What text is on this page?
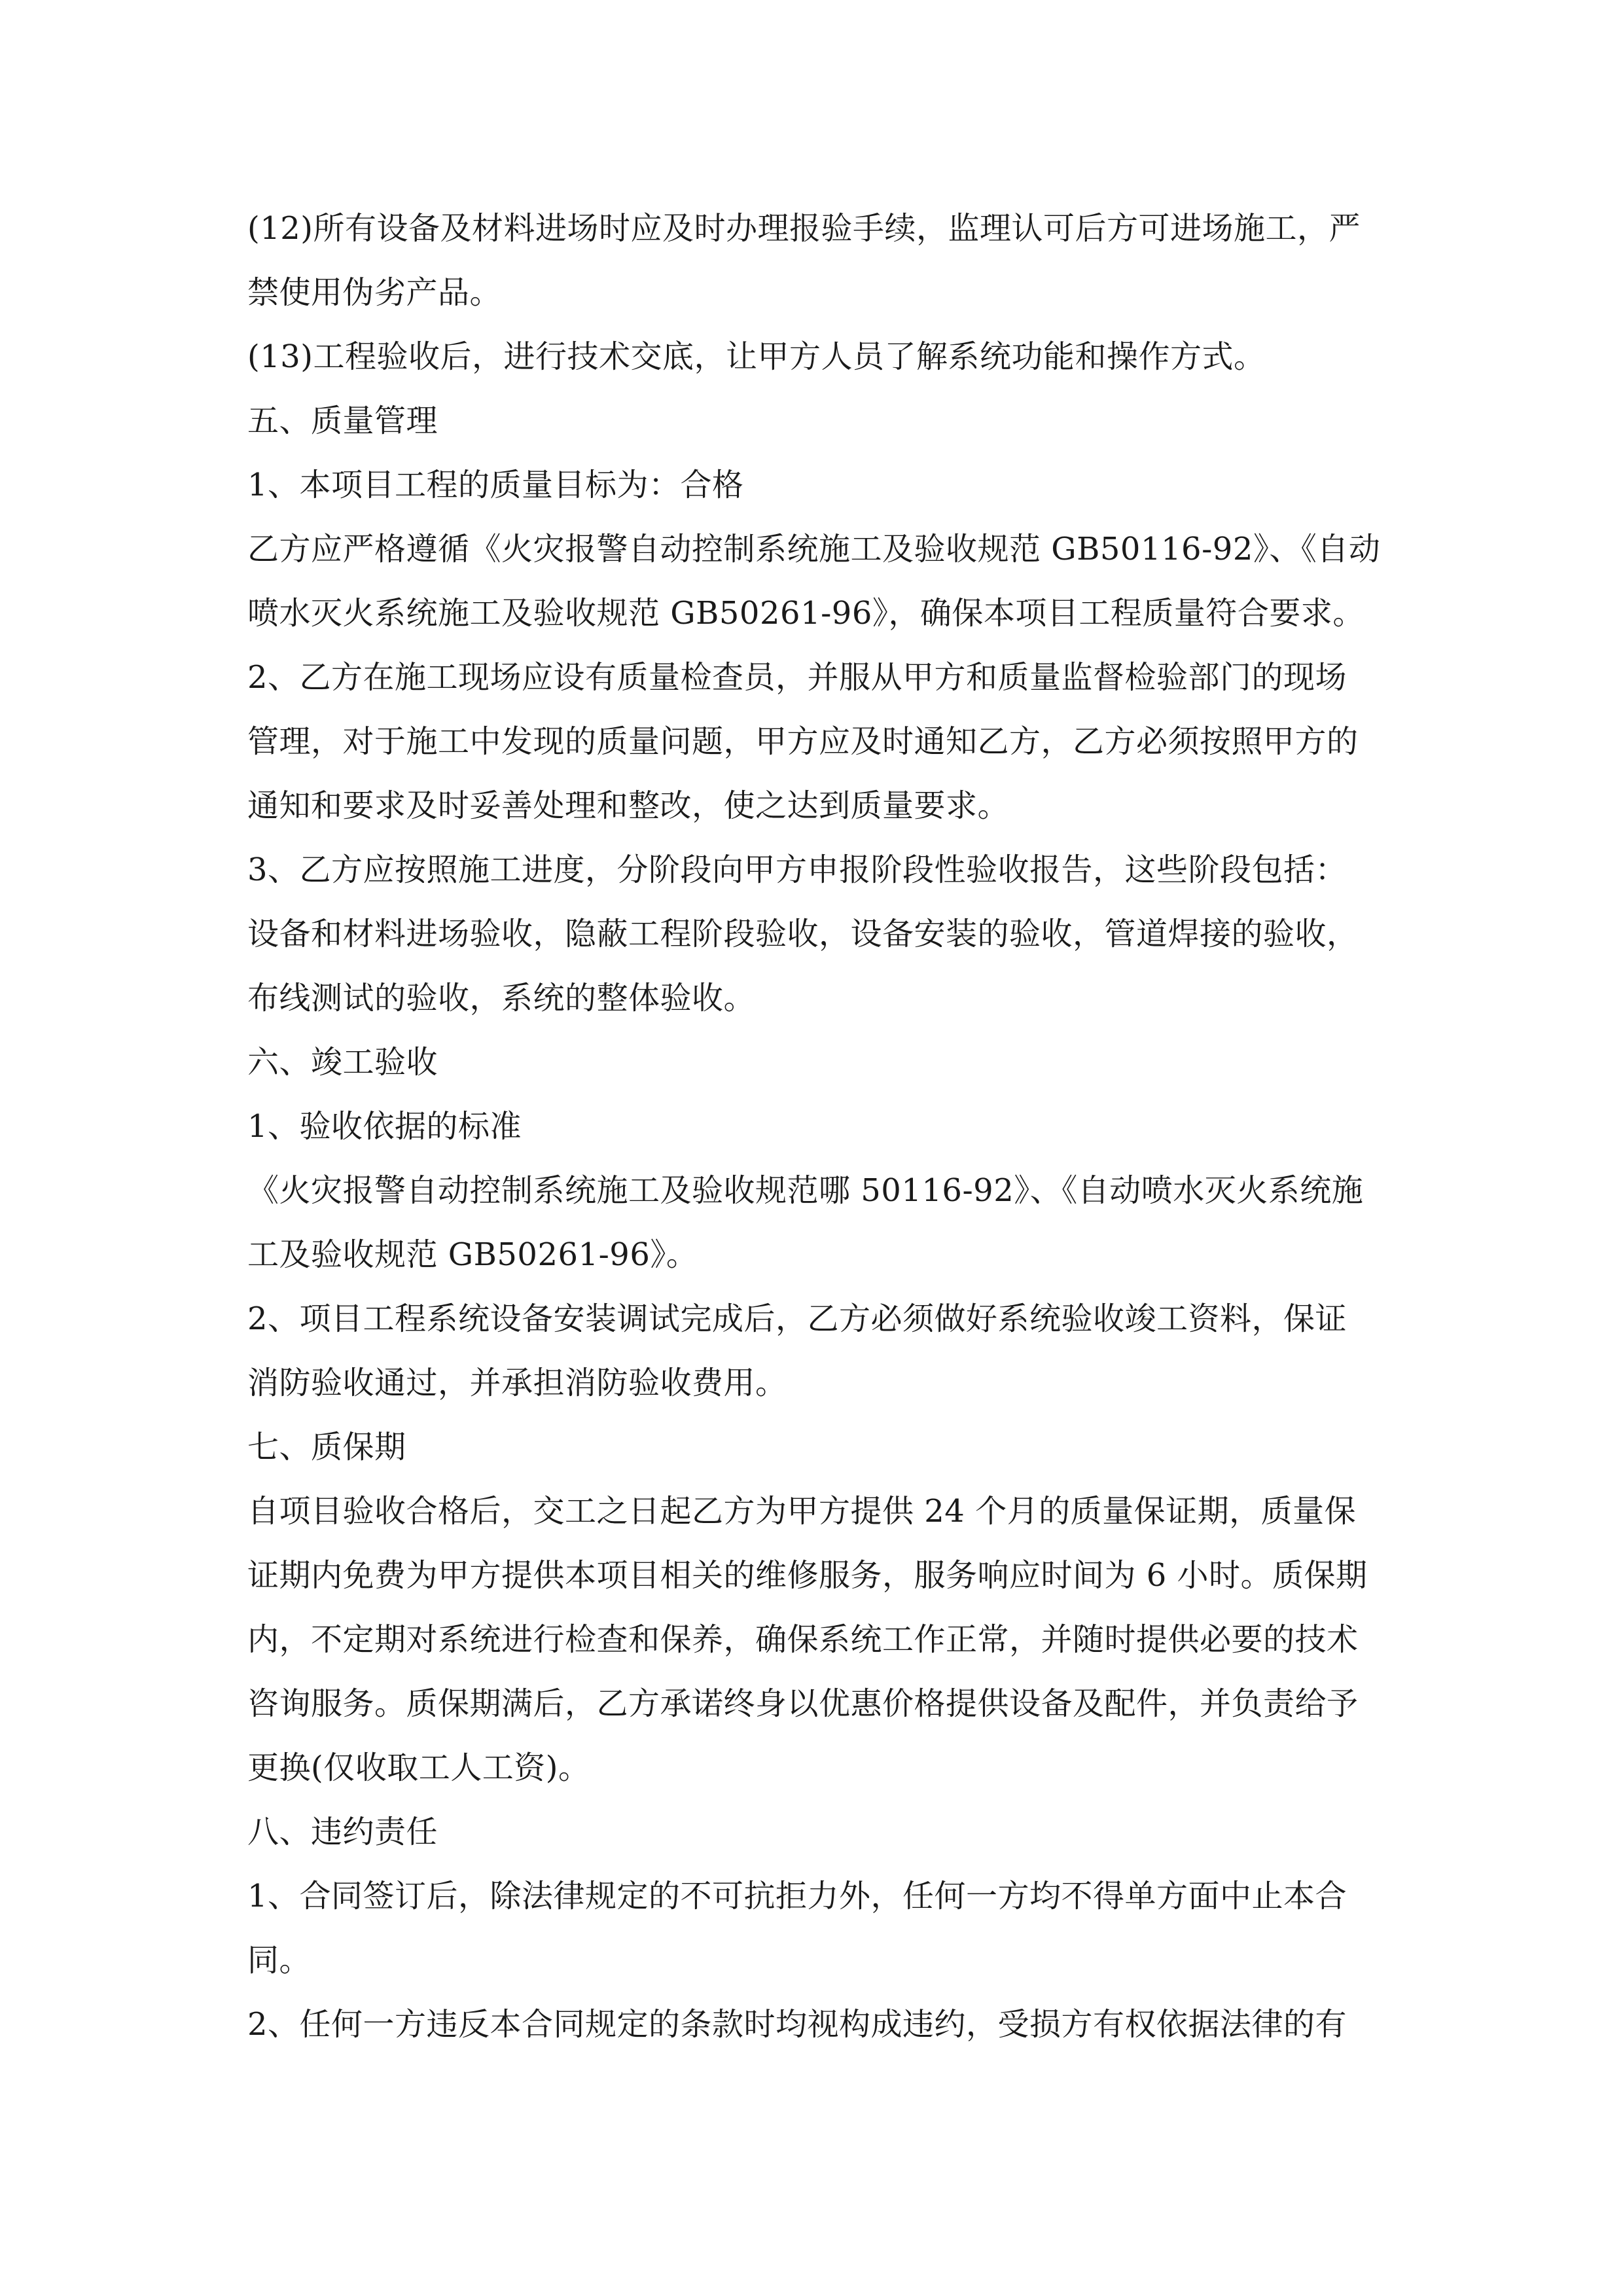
(12)所有设备及材料进场时应及时办理报验手续，监理认可后方可进场施工，严
禁使用伪劣产品。
(13)工程验收后，进行技术交底，让甲方人员了解系统功能和操作方式。
五、质量管理
1、本项目工程的质量目标为：合格
乙方应严格遵循《火灾报警自动控制系统施工及验收规范 GB50116-92》、《自动
喷水灭火系统施工及验收规范 GB50261-96》，确保本项目工程质量符合要求。
2、乙方在施工现场应设有质量检查员，并服从甲方和质量监督检验部门的现场
管理，对于施工中发现的质量问题，甲方应及时通知乙方，乙方必须按照甲方的
通知和要求及时妥善处理和整改，使之达到质量要求。
3、乙方应按照施工进度，分阶段向甲方申报阶段性验收报告，这些阶段包括：
设备和材料进场验收，隐蔽工程阶段验收，设备安装的验收，管道焊接的验收，
布线测试的验收，系统的整体验收。
六、竣工验收
1、验收依据的标准
《火灾报警自动控制系统施工及验收规范哪 50116-92》、《自动喷水灭火系统施
工及验收规范 GB50261-96》。
2、项目工程系统设备安装调试完成后，乙方必须做好系统验收竣工资料，保证
消防验收通过，并承担消防验收费用。
七、质保期
自项目验收合格后，交工之日起乙方为甲方提供 24 个月的质量保证期，质量保
证期内免费为甲方提供本项目相关的维修服务，服务响应时间为 6 小时。质保期
内，不定期对系统进行检查和保养，确保系统工作正常，并随时提供必要的技术
咨询服务。质保期满后，乙方承诺终身以优惠价格提供设备及配件，并负责给予
更换(仅收取工人工资)。
八、违约责任
1、合同签订后，除法律规定的不可抗拒力外，任何一方均不得单方面中止本合
同。
2、任何一方违反本合同规定的条款时均视构成违约，受损方有权依据法律的有
